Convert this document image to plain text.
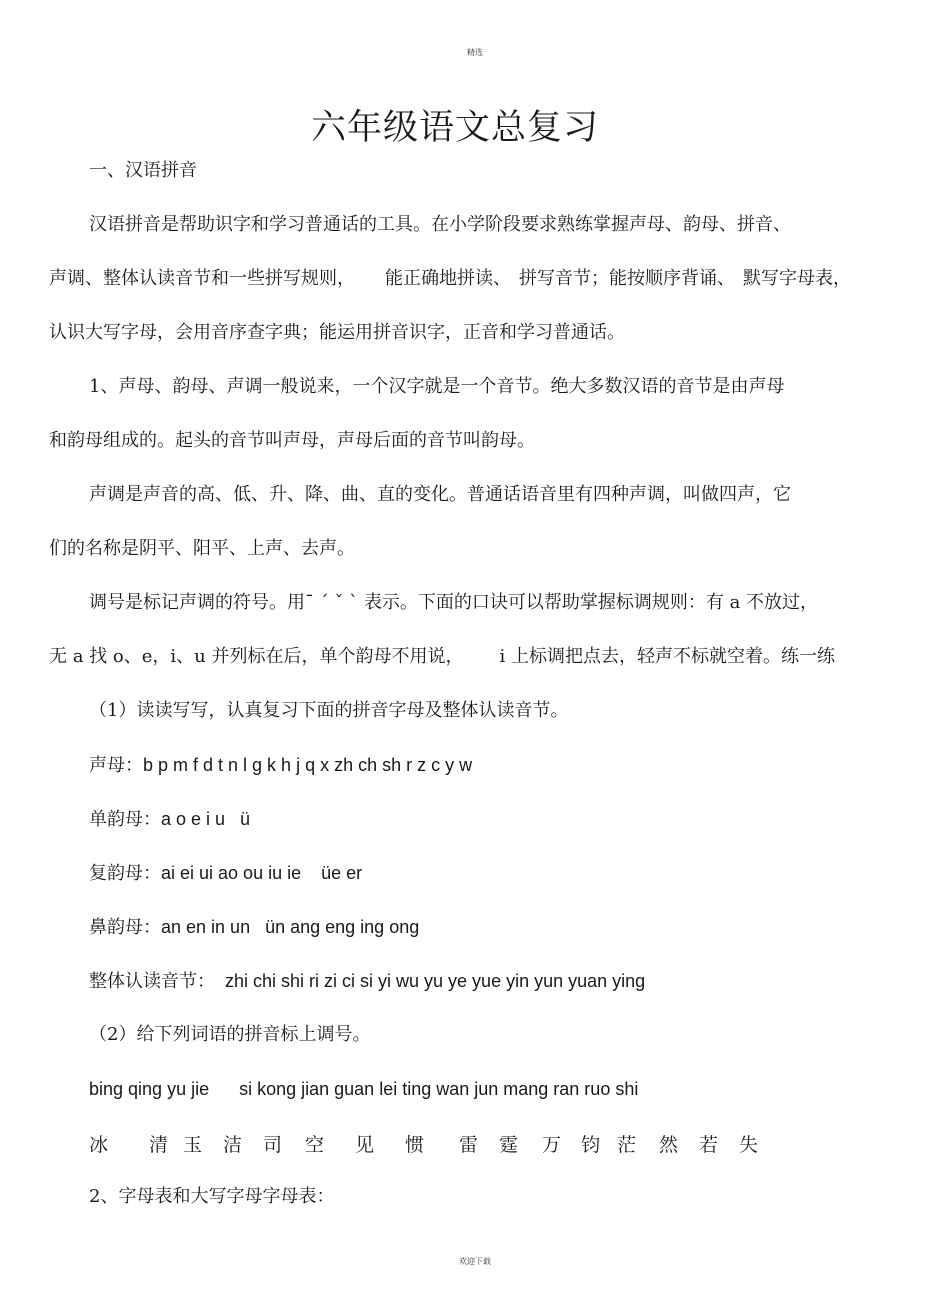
精选
六年级语文总复习
一、汉语拼音
汉语拼音是帮助识字和学习普通话的工具。在小学阶段要求熟练掌握声母、韵母、拼音、
声调、整体认读音节和一些拼写规则， 能正确地拼读、 拼写音节；能按顺序背诵、 默写字母表，
认识大写字母，会用音序查字典；能运用拼音识字，正音和学习普通话。
1、声母、韵母、声调一般说来，一个汉字就是一个音节。绝大多数汉语的音节是由声母
和韵母组成的。起头的音节叫声母，声母后面的音节叫韵母。
声调是声音的高、低、升、降、曲、直的变化。普通话语音里有四种声调，叫做四声，它
们的名称是阴平、阳平、上声、去声。
调号是标记声调的符号。用ˉ ˊ ˇ ˋ 表示。下面的口诀可以帮助掌握标调规则：有 a 不放过，
无 a 找 o、e，i、u 并列标在后，单个韵母不用说， i 上标调把点去，轻声不标就空着。练一练
（1）读读写写，认真复习下面的拼音字母及整体认读音节。
声母：b p m f d t n l g k h j q x zh ch sh r z c y w
单韵母：a o e i u   ü
复韵母：ai ei ui ao ou iu ie    üe er
鼻韵母：an en in un   ün ang eng ing ong
整体认读音节： zhi chi shi ri zi ci si yi wu yu ye yue yin yun yuan ying
（2）给下列词语的拼音标上调号。
bing qing yu jie si kong jian guan lei ting wan jun mang ran ruo shi
冰 清 玉 洁 司 空 见 惯 雷 霆 万 钧 茫 然 若 失
2、字母表和大写字母字母表：
欢迎下载
